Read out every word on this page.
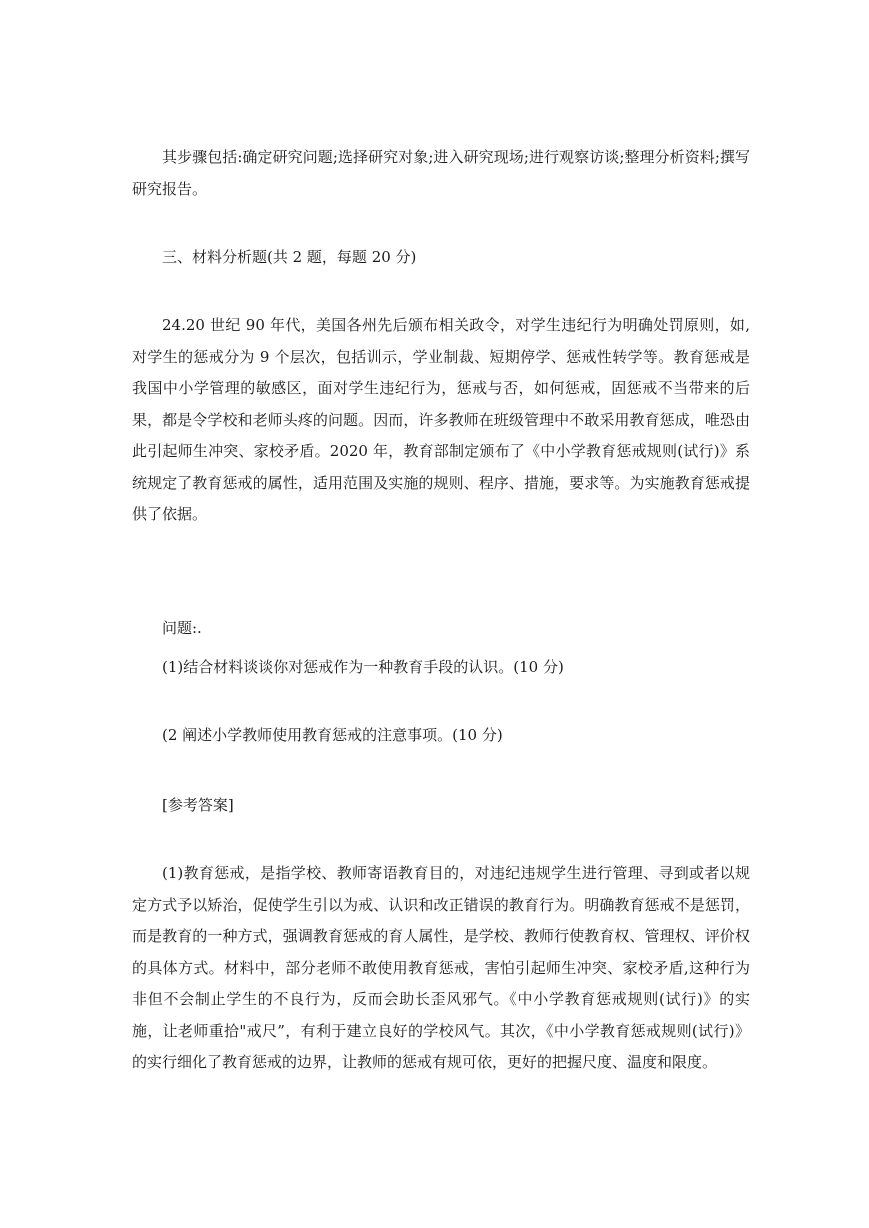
其步骤包括:确定研究问题;选择研究对象;进入研究现场;进行观察访谈;整理分析资料;撰写研究报告。

三、材料分析题(共 2 题，每题 20 分)

24.20 世纪 90 年代，美国各州先后颁布相关政令，对学生违纪行为明确处罚原则，如,对学生的惩戒分为 9 个层次，包括训示，学业制裁、短期停学、惩戒性转学等。教育惩戒是我国中小学管理的敏感区，面对学生违纪行为，惩戒与否，如何惩戒，固惩戒不当带来的后果，都是令学校和老师头疼的问题。因而，许多教师在班级管理中不敢采用教育惩成，唯恐由此引起师生冲突、家校矛盾。2020 年，教育部制定颁布了《中小学教育惩戒规则(试行)》系统规定了教育惩戒的属性，适用范围及实施的规则、程序、措施，要求等。为实施教育惩戒提供了依据。

问题:.

(1)结合材料谈谈你对惩戒作为一种教育手段的认识。(10 分)

(2 阐述小学教师使用教育惩戒的注意事项。(10 分)

[参考答案]

(1)教育惩戒，是指学校、教师寄语教育目的，对违纪违规学生进行管理、寻到或者以规定方式予以矫治，促使学生引以为戒、认识和改正错误的教育行为。明确教育惩戒不是惩罚，而是教育的一种方式，强调教育惩戒的育人属性，是学校、教师行使教育权、管理权、评价权的具体方式。材料中，部分老师不敢使用教育惩戒，害怕引起师生冲突、家校矛盾,这种行为非但不会制止学生的不良行为，反而会助长歪风邪气。《中小学教育惩戒规则(试行)》的实施，让老师重拾"戒尺”，有利于建立良好的学校风气。其次，《中小学教育惩戒规则(试行)》的实行细化了教育惩戒的边界，让教师的惩戒有规可依，更好的把握尺度、温度和限度。
